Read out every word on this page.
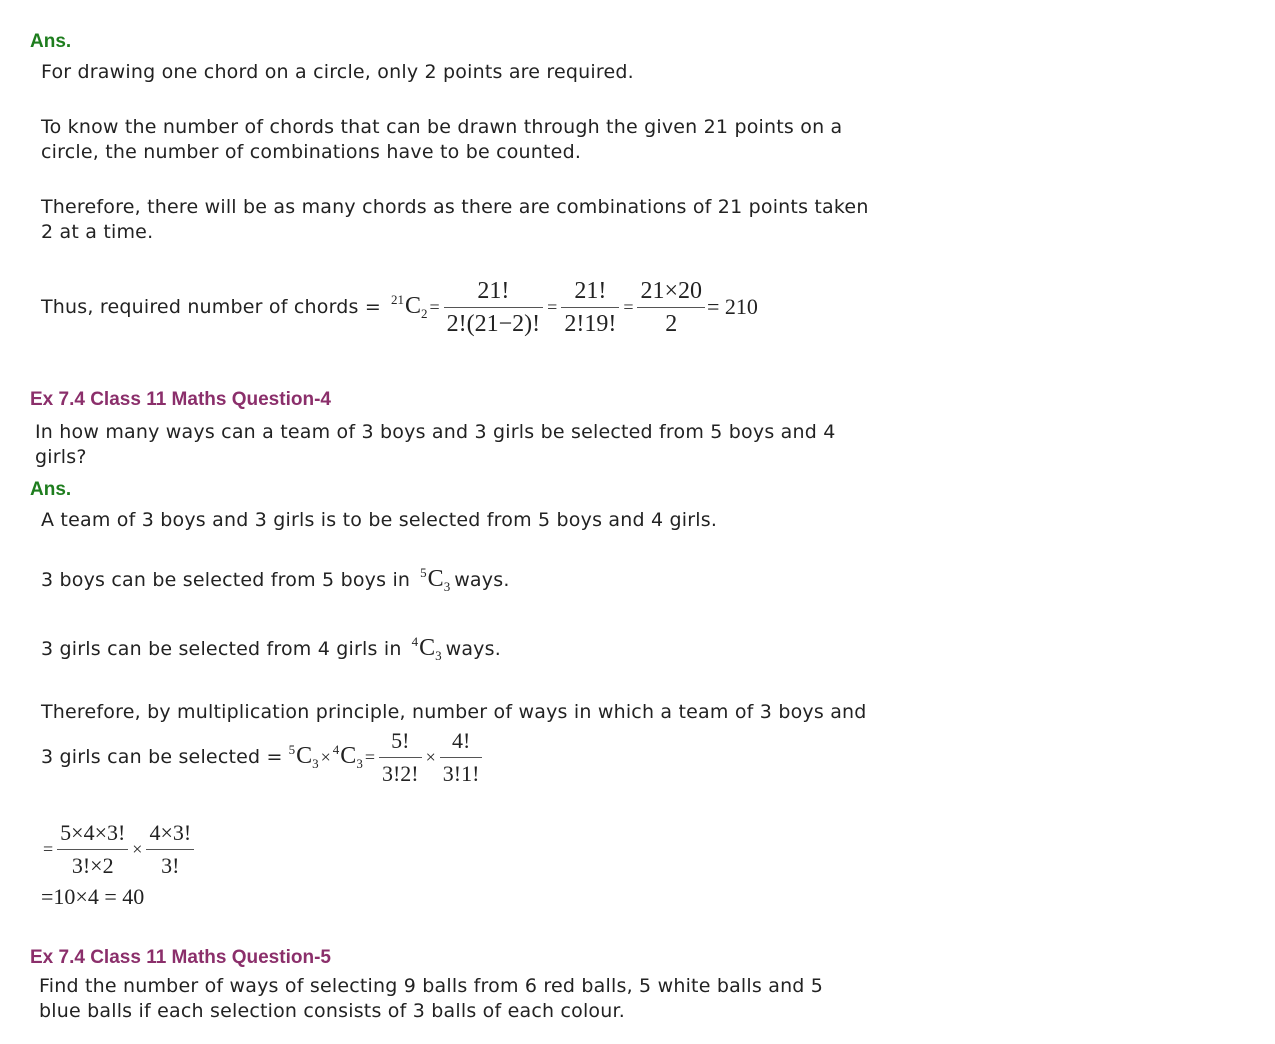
Ans.
For drawing one chord on a circle, only 2 points are required.
To know the number of chords that can be drawn through the given 21 points on a
circle, the number of combinations have to be counted.
Therefore, there will be as many chords as there are combinations of 21 points taken
2 at a time.
Thus, required number of chords = $^{21}C_2 = \frac{21!}{2!(21-2)!} = \frac{21!}{2!19!} = \frac{21\times 20}{2} = 210$
Ex 7.4 Class 11 Maths Question-4
In how many ways can a team of 3 boys and 3 girls be selected from 5 boys and 4
girls?
Ans.
A team of 3 boys and 3 girls is to be selected from 5 boys and 4 girls.
3 boys can be selected from 5 boys in $^5C_3$ ways.
3 girls can be selected from 4 girls in $^4C_3$ ways.
Therefore, by multiplication principle, number of ways in which a team of 3 boys and
3 girls can be selected = $^5C_3 \times ^4C_3 = \frac{5!}{3!2!} \times \frac{4!}{3!1!}$
= $\frac{5\times 4\times 3!}{3!\times 2} \times \frac{4\times 3!}{3!}$
=10×4 = 40
Ex 7.4 Class 11 Maths Question-5
Find the number of ways of selecting 9 balls from 6 red balls, 5 white balls and 5
blue balls if each selection consists of 3 balls of each colour.
